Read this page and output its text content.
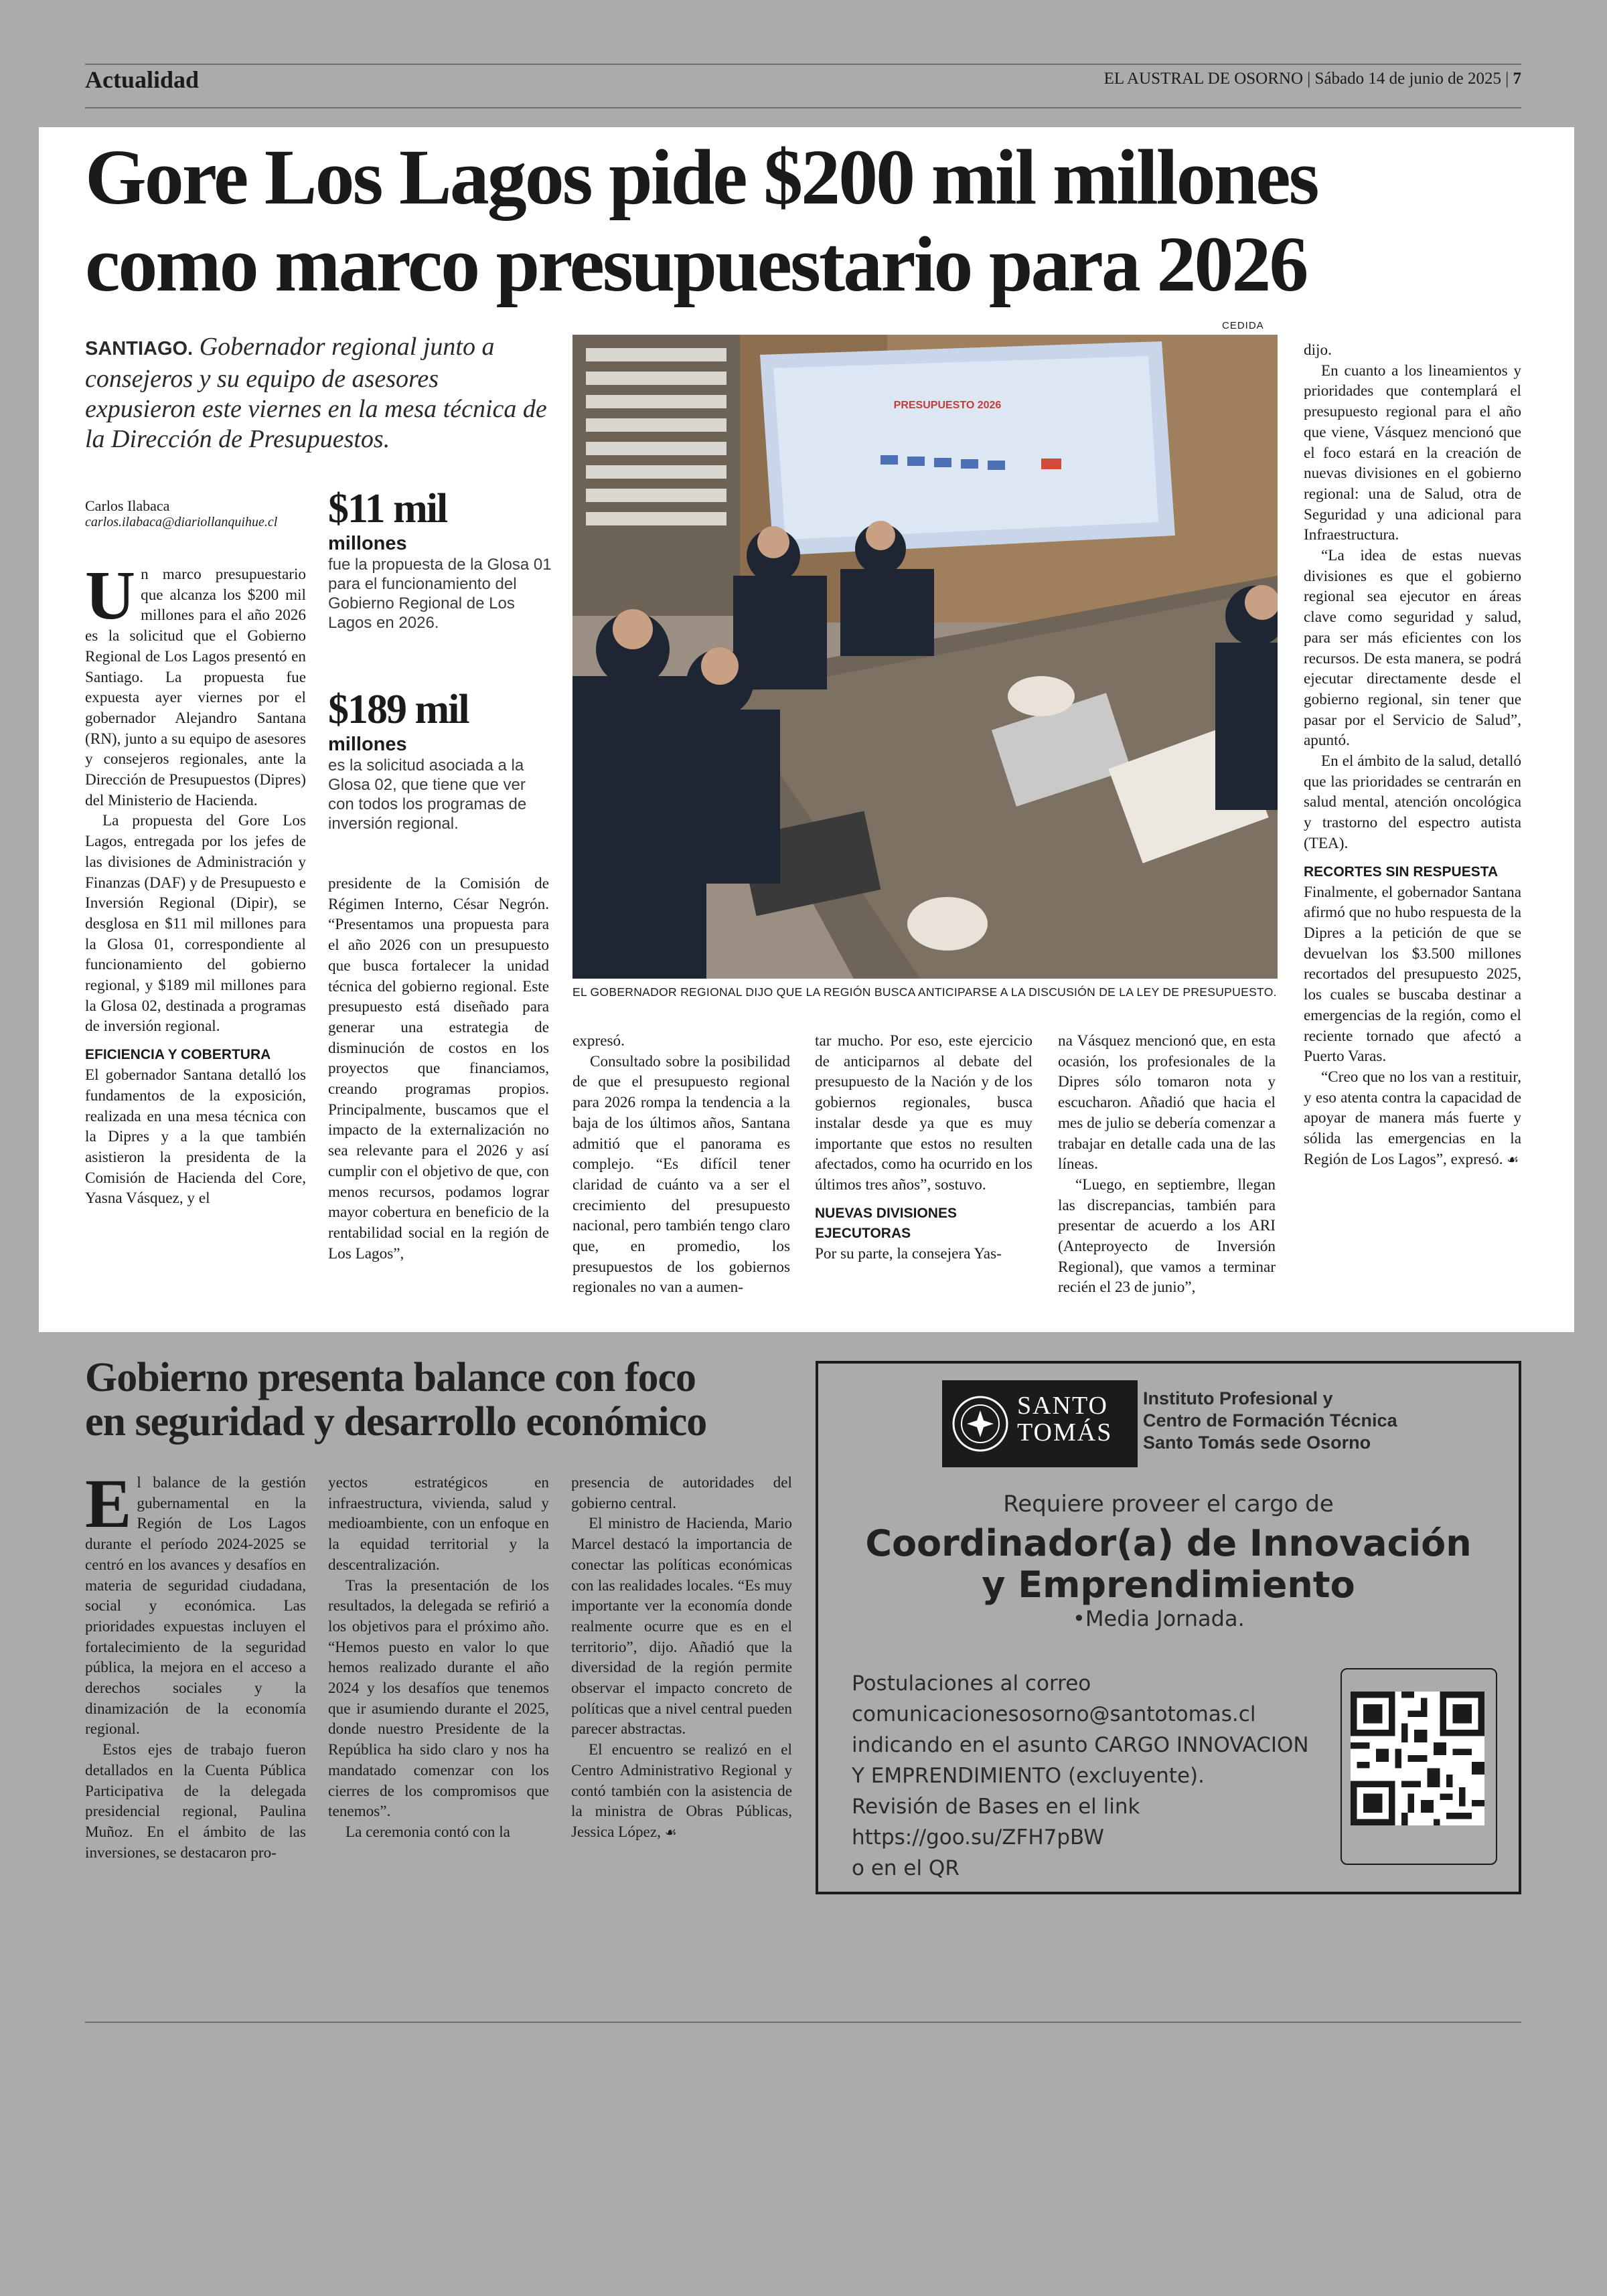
Actualidad	EL AUSTRAL DE OSORNO | Sábado 14 de junio de 2025 | 7
Gore Los Lagos pide $200 mil millones
como marco presupuestario para 2026
SANTIAGO. Gobernador regional junto a consejeros y su equipo de asesores expusieron este viernes en la mesa técnica de la Dirección de Presupuestos.
Carlos Ilabaca
carlos.ilabaca@diariollanquihue.cl

Un marco presupuestario que alcanza los $200 mil millones para el año 2026 es la solicitud que el Gobierno Regional de Los Lagos presentó en Santiago. La propuesta fue expuesta ayer viernes por el gobernador Alejandro Santana (RN), junto a su equipo de asesores y consejeros regionales, ante la Dirección de Presupuestos (Dipres) del Ministerio de Hacienda.

La propuesta del Gore Los Lagos, entregada por los jefes de las divisiones de Administración y Finanzas (DAF) y de Presupuesto e Inversión Regional (Dipir), se desglosa en $11 mil millones para la Glosa 01, correspondiente al funcionamiento del gobierno regional, y $189 mil millones para la Glosa 02, destinada a programas de inversión regional.

EFICIENCIA Y COBERTURA

El gobernador Santana detalló los fundamentos de la exposición, realizada en una mesa técnica con la Dipres y a la que también asistieron la presidenta de la Comisión de Hacienda del Core, Yasna Vásquez, y el

$11 mil
millones
fue la propuesta de la Glosa 01 para el funcionamiento del Gobierno Regional de Los Lagos en 2026.
$189 mil
millones
es la solicitud asociada a la Glosa 02, que tiene que ver con todos los programas de inversión regional.

presidente de la Comisión de Régimen Interno, César Negrón. “Presentamos una propuesta para el año 2026 con un presupuesto que busca fortalecer la unidad técnica del gobierno regional. Este presupuesto está diseñado para generar una estrategia de disminución de costos en los proyectos que financiamos, creando programas propios. Principalmente, buscamos que el impacto de la externalización no sea relevante para el 2026 y así cumplir con el objetivo de que, con menos recursos, podamos lograr mayor cobertura en beneficio de la rentabilidad social en la región de Los Lagos”,

CEDIDA
PRESUPUESTO 2026
EL GOBERNADOR REGIONAL DIJO QUE LA REGIÓN BUSCA ANTICIPARSE A LA DISCUSIÓN DE LA LEY DE PRESUPUESTO.

expresó.

Consultado sobre la posibilidad de que el presupuesto regional para 2026 rompa la tendencia a la baja de los últimos años, Santana admitió que el panorama es complejo. “Es difícil tener claridad de cuánto va a ser el crecimiento del presupuesto nacional, pero también tengo claro que, en promedio, los presupuestos de los gobiernos regionales no van a aumen-

tar mucho. Por eso, este ejercicio de anticiparnos al debate del presupuesto de la Nación y de los gobiernos regionales, busca instalar desde ya que es muy importante que estos no resulten afectados, como ha ocurrido en los últimos tres años”, sostuvo.

NUEVAS DIVISIONES
EJECUTORAS

Por su parte, la consejera Yas-

na Vásquez mencionó que, en esta ocasión, los profesionales de la Dipres sólo tomaron nota y escucharon. Añadió que hacia el mes de julio se debería comenzar a trabajar en detalle cada una de las líneas.

“Luego, en septiembre, llegan las discrepancias, también para presentar de acuerdo a los ARI (Anteproyecto de Inversión Regional), que vamos a terminar recién el 23 de junio”,

dijo.

En cuanto a los lineamientos y prioridades que contemplará el presupuesto regional para el año que viene, Vásquez mencionó que el foco estará en la creación de nuevas divisiones en el gobierno regional: una de Salud, otra de Seguridad y una adicional para Infraestructura.

“La idea de estas nuevas divisiones es que el gobierno regional sea ejecutor en áreas clave como seguridad y salud, para ser más eficientes con los recursos. De esta manera, se podrá ejecutar directamente desde el gobierno regional, sin tener que pasar por el Servicio de Salud”, apuntó.

En el ámbito de la salud, detalló que las prioridades se centrarán en salud mental, atención oncológica y trastorno del espectro autista (TEA).

RECORTES SIN RESPUESTA

Finalmente, el gobernador Santana afirmó que no hubo respuesta de la Dipres a la petición de que se devuelvan los $3.500 millones recortados del presupuesto 2025, los cuales se buscaba destinar a emergencias de la región, como el reciente tornado que afectó a Puerto Varas.

“Creo que no los van a restituir, y eso atenta contra la capacidad de apoyar de manera más fuerte y sólida las emergencias en la Región de Los Lagos”, expresó. ☙

Gobierno presenta balance con foco
en seguridad y desarrollo económico

El balance de la gestión gubernamental en la Región de Los Lagos durante el período 2024-2025 se centró en los avances y desafíos en materia de seguridad ciudadana, social y económica. Las prioridades expuestas incluyen el fortalecimiento de la seguridad pública, la mejora en el acceso a derechos sociales y la dinamización de la economía regional.

Estos ejes de trabajo fueron detallados en la Cuenta Pública Participativa de la delegada presidencial regional, Paulina Muñoz. En el ámbito de las inversiones, se destacaron pro-

yectos estratégicos en infraestructura, vivienda, salud y medioambiente, con un enfoque en la equidad territorial y la descentralización.

Tras la presentación de los resultados, la delegada se refirió a los objetivos para el próximo año. “Hemos puesto en valor lo que hemos realizado durante el año 2024 y los desafíos que tenemos que ir asumiendo durante el 2025, donde nuestro Presidente de la República ha sido claro y nos ha mandatado comenzar con los cierres de los compromisos que tenemos”.

La ceremonia contó con la

presencia de autoridades del gobierno central.

El ministro de Hacienda, Mario Marcel destacó la importancia de conectar las políticas económicas con las realidades locales. “Es muy importante ver la economía donde realmente ocurre que es en el territorio”, dijo. Añadió que la diversidad de la región permite observar el impacto concreto de políticas que a nivel central pueden parecer abstractas.

El encuentro se realizó en el Centro Administrativo Regional y contó también con la asistencia de la ministra de Obras Públicas, Jessica López, ☙

SANTO
TOMÁS
Instituto Profesional y
Centro de Formación Técnica
Santo Tomás sede Osorno
Requiere proveer el cargo de
Coordinador(a) de Innovación
y Emprendimiento
•Media Jornada.
Postulaciones al correo
comunicacionesosorno@santotomas.cl
indicando en el asunto CARGO INNOVACION
Y EMPRENDIMIENTO (excluyente).
Revisión de Bases en el link
https://goo.su/ZFH7pBW
o en el QR
